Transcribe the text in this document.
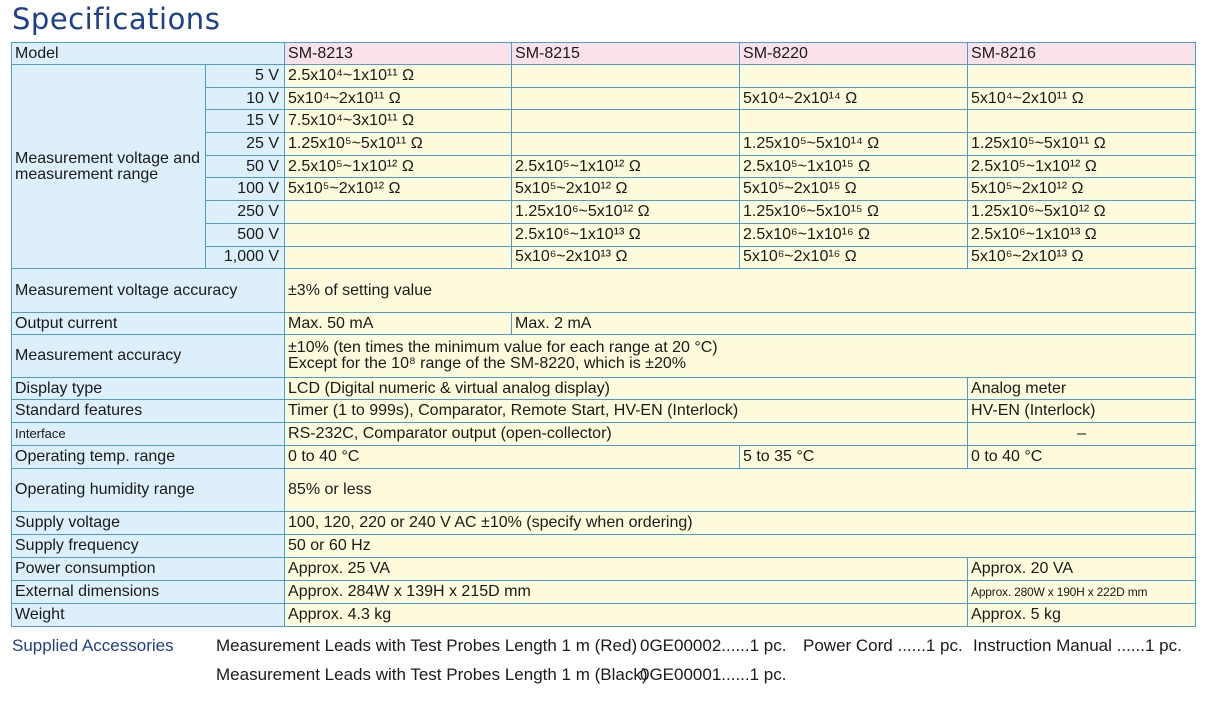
Specifications
Model		SM-8213	SM-8215	SM-8220	SM-8216
Measurement voltage and measurement range	5 V	2.5x10⁴~1x10¹¹ Ω			
	10 V	5x10⁴~2x10¹¹ Ω		5x10⁴~2x10¹⁴ Ω	5x10⁴~2x10¹¹ Ω
	15 V	7.5x10⁴~3x10¹¹ Ω			
	25 V	1.25x10⁵~5x10¹¹ Ω		1.25x10⁵~5x10¹⁴ Ω	1.25x10⁵~5x10¹¹ Ω
	50 V	2.5x10⁵~1x10¹² Ω	2.5x10⁵~1x10¹² Ω	2.5x10⁵~1x10¹⁵ Ω	2.5x10⁵~1x10¹² Ω
	100 V	5x10⁵~2x10¹² Ω	5x10⁵~2x10¹² Ω	5x10⁵~2x10¹⁵ Ω	5x10⁵~2x10¹² Ω
	250 V		1.25x10⁶~5x10¹² Ω	1.25x10⁶~5x10¹⁵ Ω	1.25x10⁶~5x10¹² Ω
	500 V		2.5x10⁶~1x10¹³ Ω	2.5x10⁶~1x10¹⁶ Ω	2.5x10⁶~1x10¹³ Ω
	1,000 V		5x10⁶~2x10¹³ Ω	5x10⁶~2x10¹⁶ Ω	5x10⁶~2x10¹³ Ω
Measurement voltage accuracy		±3% of setting value			
Output current		Max. 50 mA	Max. 2 mA		
Measurement accuracy		±10% (ten times the minimum value for each range at 20 °C)
Except for the 10⁸ range of the SM-8220, which is ±20%			

Display type		LCD (Digital numeric & virtual analog display)			Analog meter
Standard features		Timer (1 to 999s), Comparator, Remote Start, HV-EN (Interlock)			HV-EN (Interlock)
Interface		RS-232C, Comparator output (open-collector)			–
Operating temp. range		0 to 40 °C		5 to 35 °C	0 to 40 °C
Operating humidity range		85% or less			
Supply voltage		100, 120, 220 or 240 V AC ±10% (specify when ordering)			
Supply frequency		50 or 60 Hz			
Power consumption		Approx. 25 VA			Approx. 20 VA
External dimensions		Approx. 284W x 139H x 215D mm			Approx. 280W x 190H x 222D mm
Weight		Approx. 4.3 kg			Approx. 5 kg
Supplied Accessories	Measurement Leads with Test Probes Length 1 m (Red) 0GE00002......1 pc. Power Cord ......1 pc. Instruction Manual ......1 pc.
Measurement Leads with Test Probes Length 1 m (Black)0GE00001......1 pc.
